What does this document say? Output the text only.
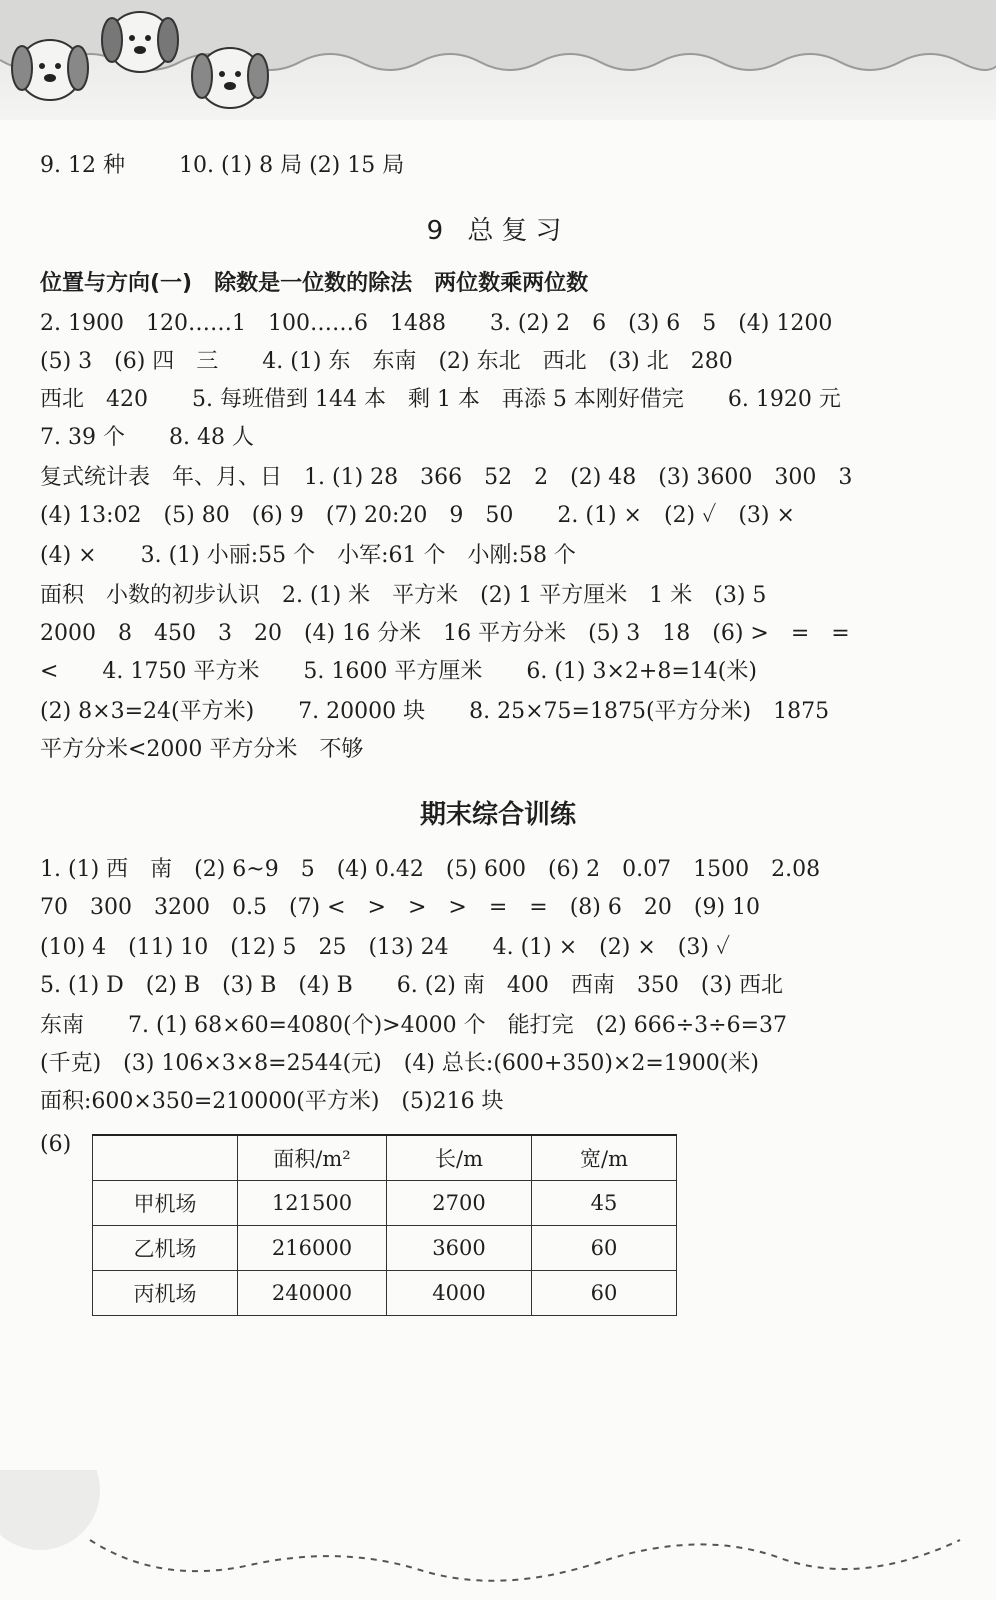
9. 12 种 10. (1) 8 局 (2) 15 局
9 总复习
位置与方向(一)　除数是一位数的除法　两位数乘两位数
2. 1900　120……1　100……6　1488　　3. (2) 2　6　(3) 6　5　(4) 1200
(5) 3　(6) 四　三　　4. (1) 东　东南　(2) 东北　西北　(3) 北　280
西北　420　　5. 每班借到 144 本　剩 1 本　再添 5 本刚好借完　　6. 1920 元
7. 39 个　　8. 48 人
复式统计表　年、月、日　1. (1) 28　366　52　2　(2) 48　(3) 3600　300　3
(4) 13:02　(5) 80　(6) 9　(7) 20:20　9　50　　2. (1) ×　(2) ✓　(3) ×
(4) ×　　3. (1) 小丽:55 个　小军:61 个　小刚:58 个
面积　小数的初步认识　2. (1) 米　平方米　(2) 1 平方厘米　1 米　(3) 5
2000　8　450　3　20　(4) 16 分米　16 平方分米　(5) 3　18　(6) >　=　=
<　　4. 1750 平方米　　5. 1600 平方厘米　　6. (1) 3×2+8=14(米)
(2) 8×3=24(平方米)　　7. 20000 块　　8. 25×75=1875(平方分米)　1875
平方分米<2000 平方分米　不够
期末综合训练
1. (1) 西　南　(2) 6~9　5　(4) 0.42　(5) 600　(6) 2　0.07　1500　2.08
70　300　3200　0.5　(7) <　>　>　>　=　=　(8) 6　20　(9) 10
(10) 4　(11) 10　(12) 5　25　(13) 24　　4. (1) ×　(2) ×　(3) ✓
5. (1) D　(2) B　(3) B　(4) B　　6. (2) 南　400　西南　350　(3) 西北
东南　　7. (1) 68×60=4080(个)>4000 个　能打完　(2) 666÷3÷6=37
(千克)　(3) 106×3×8=2544(元)　(4) 总长:(600+350)×2=1900(米)
面积:600×350=210000(平方米)　(5)216 块
(6)
	面积/m²	长/m	宽/m
甲机场	121500	2700	45
乙机场	216000	3600	60
丙机场	240000	4000	60
